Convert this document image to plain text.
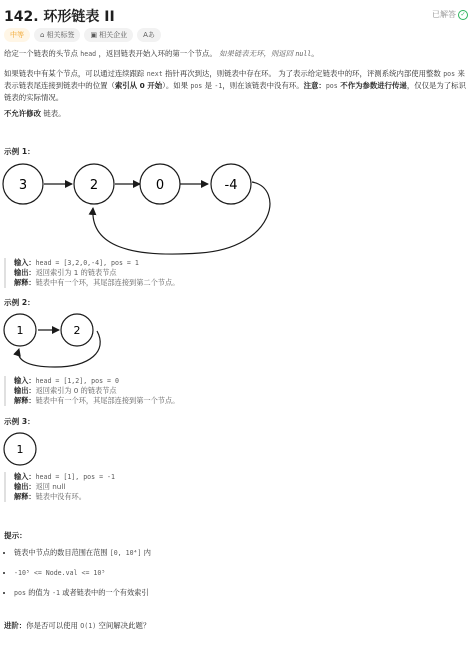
142. 环形链表 II	已解答 ✓
中等	⌂ 相关标签 ▣ 相关企业 Aあ
给定一个链表的头节点 head ，返回链表开始入环的第一个节点。 如果链表无环，则返回 null。
如果链表中有某个节点，可以通过连续跟踪 next 指针再次到达，则链表中存在环。 为了表示给定链表中的环，评测系统内部使用整数 pos 来表示链表尾连接到链表中的位置（索引从 0 开始）。如果 pos 是 -1，则在该链表中没有环。注意：pos 不作为参数进行传递，仅仅是为了标识链表的实际情况。
不允许修改 链表。
示例 1：
3	2	0	-4
输入：head = [3,2,0,-4], pos = 1
输出：返回索引为 1 的链表节点
解释：链表中有一个环，其尾部连接到第二个节点。
示例 2：
1	2
输入：head = [1,2], pos = 0
输出：返回索引为 0 的链表节点
解释：链表中有一个环，其尾部连接到第一个节点。
示例 3：
1
输入：head = [1], pos = -1
输出：返回 null
解释：链表中没有环。
提示：
• 链表中节点的数目范围在范围 [0, 10⁴] 内
• -10⁵ <= Node.val <= 10⁵
• pos 的值为 -1 或者链表中的一个有效索引
进阶：你是否可以使用 O(1) 空间解决此题？
